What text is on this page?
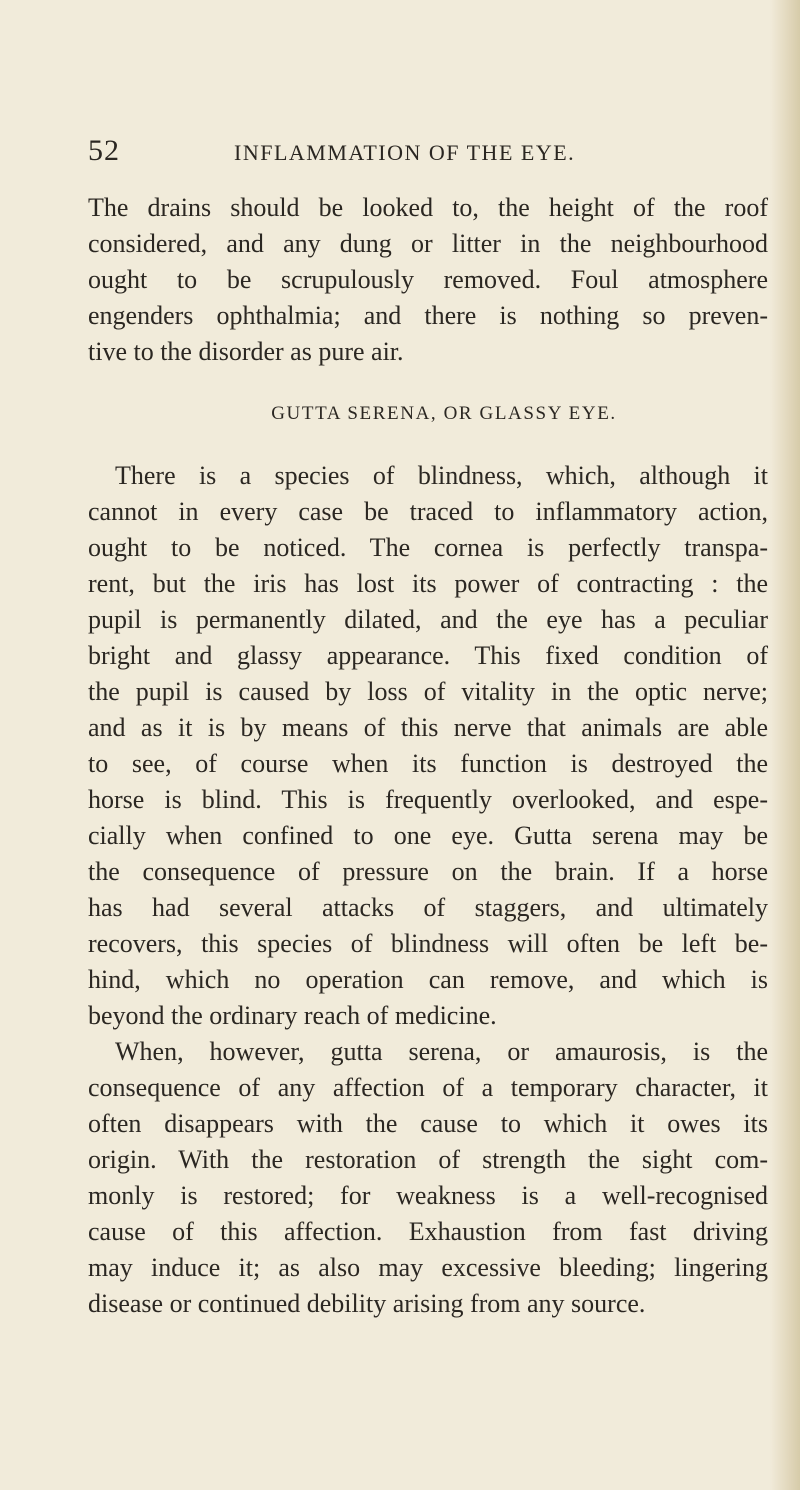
52	INFLAMMATION OF THE EYE.
The drains should be looked to, the height of the roof
considered, and any dung or litter in the neighbourhood
ought to be scrupulously removed. Foul atmosphere
engenders ophthalmia; and there is nothing so preven-
tive to the disorder as pure air.
GUTTA SERENA, OR GLASSY EYE.
There is a species of blindness, which, although it
cannot in every case be traced to inflammatory action,
ought to be noticed. The cornea is perfectly transpa-
rent, but the iris has lost its power of contracting : the
pupil is permanently dilated, and the eye has a peculiar
bright and glassy appearance. This fixed condition of
the pupil is caused by loss of vitality in the optic nerve;
and as it is by means of this nerve that animals are able
to see, of course when its function is destroyed the
horse is blind. This is frequently overlooked, and espe-
cially when confined to one eye. Gutta serena may be
the consequence of pressure on the brain. If a horse
has had several attacks of staggers, and ultimately
recovers, this species of blindness will often be left be-
hind, which no operation can remove, and which is
beyond the ordinary reach of medicine.
When, however, gutta serena, or amaurosis, is the
consequence of any affection of a temporary character, it
often disappears with the cause to which it owes its
origin. With the restoration of strength the sight com-
monly is restored; for weakness is a well-recognised
cause of this affection. Exhaustion from fast driving
may induce it; as also may excessive bleeding; lingering
disease or continued debility arising from any source.
